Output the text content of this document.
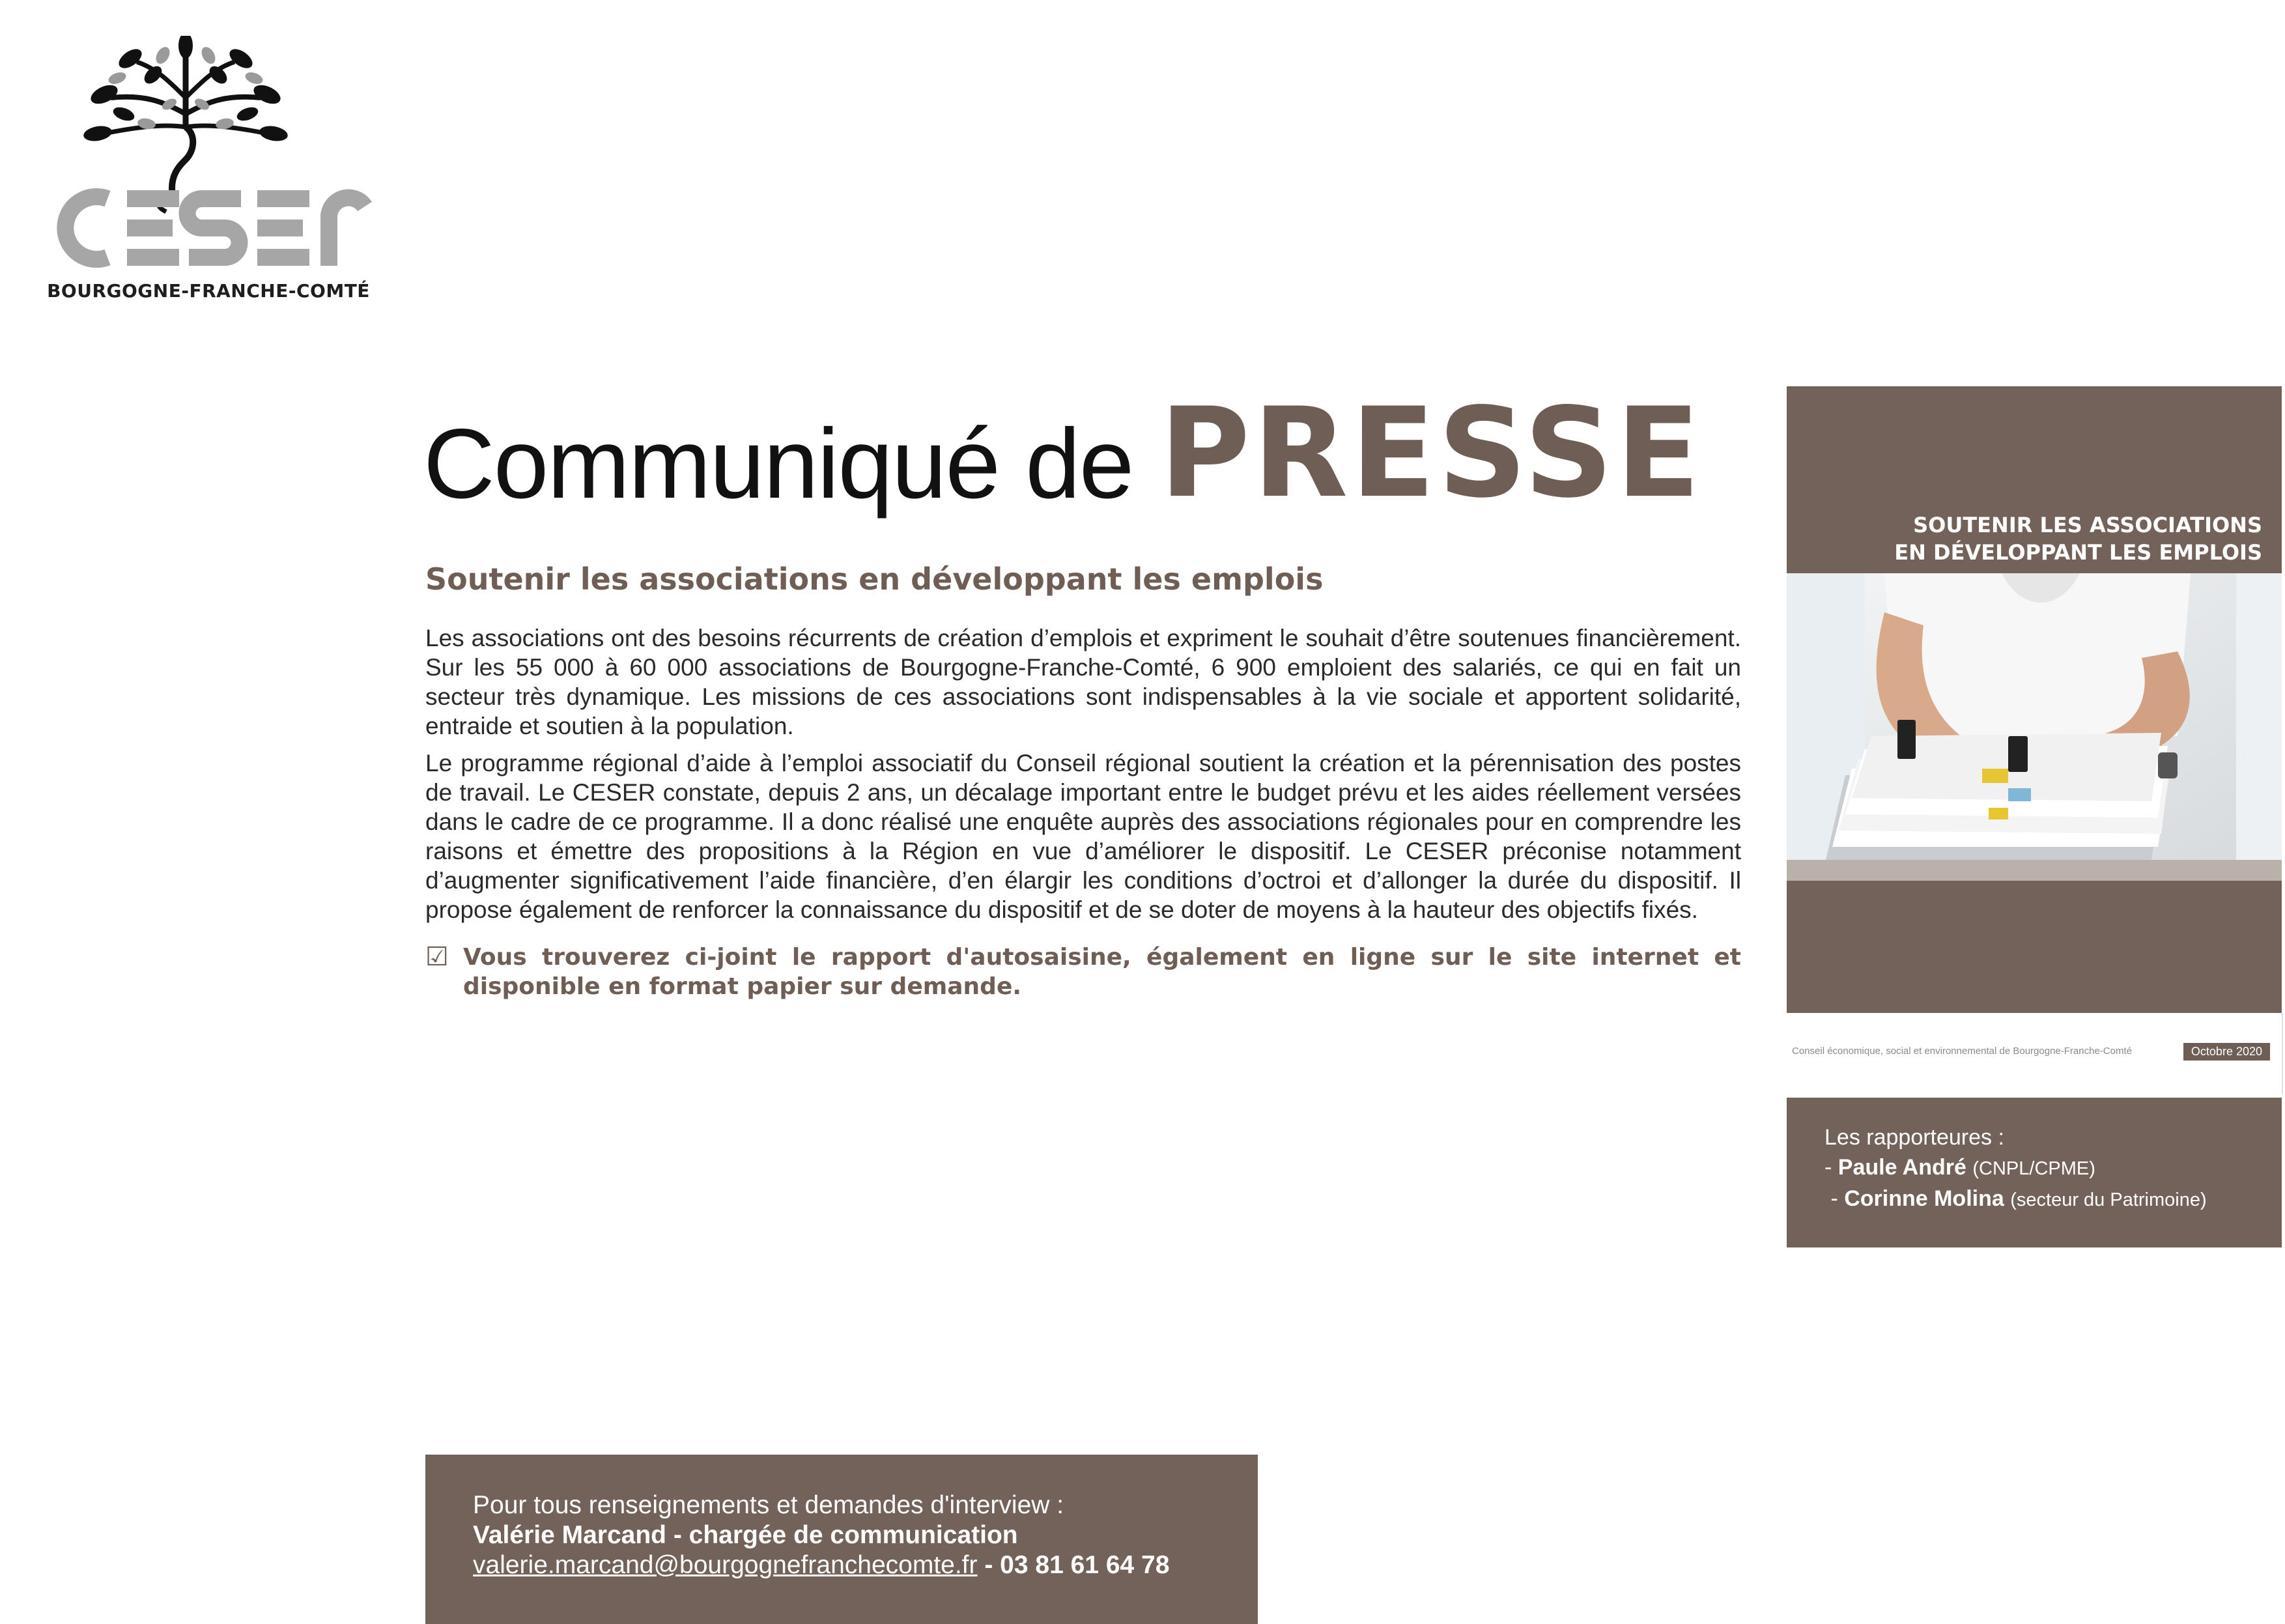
BOURGOGNE-FRANCHE-COMTÉ
Communiqué de PRESSE
Soutenir les associations en développant les emplois

Les associations ont des besoins récurrents de création d’emplois et expriment le souhait d’être soutenues financièrement. Sur les 55 000 à 60 000 associations de Bourgogne-Franche-Comté, 6 900 emploient des salariés, ce qui en fait un secteur très dynamique. Les missions de ces associations sont indispensables à la vie sociale et apportent solidarité, entraide et soutien à la population.

Le programme régional d’aide à l’emploi associatif du Conseil régional soutient la création et la pérennisation des postes de travail. Le CESER constate, depuis 2 ans, un décalage important entre le budget prévu et les aides réellement versées dans le cadre de ce programme. Il a donc réalisé une enquête auprès des associations régionales pour en comprendre les raisons et émettre des propositions à la Région en vue d’améliorer le dispositif. Le CESER préconise notamment d’augmenter significativement l’aide financière, d’en élargir les conditions d’octroi et d’allonger la durée du dispositif. Il propose également de renforcer la connaissance du dispositif et de se doter de moyens à la hauteur des objectifs fixés.

☑ Vous trouverez ci-joint le rapport d'autosaisine, également en ligne sur le site internet et disponible en format papier sur demande.
SOUTENIR LES ASSOCIATIONS
EN DÉVELOPPANT LES EMPLOIS
Conseil économique, social et environnemental de Bourgogne-Franche-Comté	Octobre 2020
Les rapporteures :
- Paule André (CNPL/CPME)
- Corinne Molina (secteur du Patrimoine)
Pour tous renseignements et demandes d'interview :
Valérie Marcand - chargée de communication
valerie.marcand@bourgognefranchecomte.fr - 03 81 61 64 78
